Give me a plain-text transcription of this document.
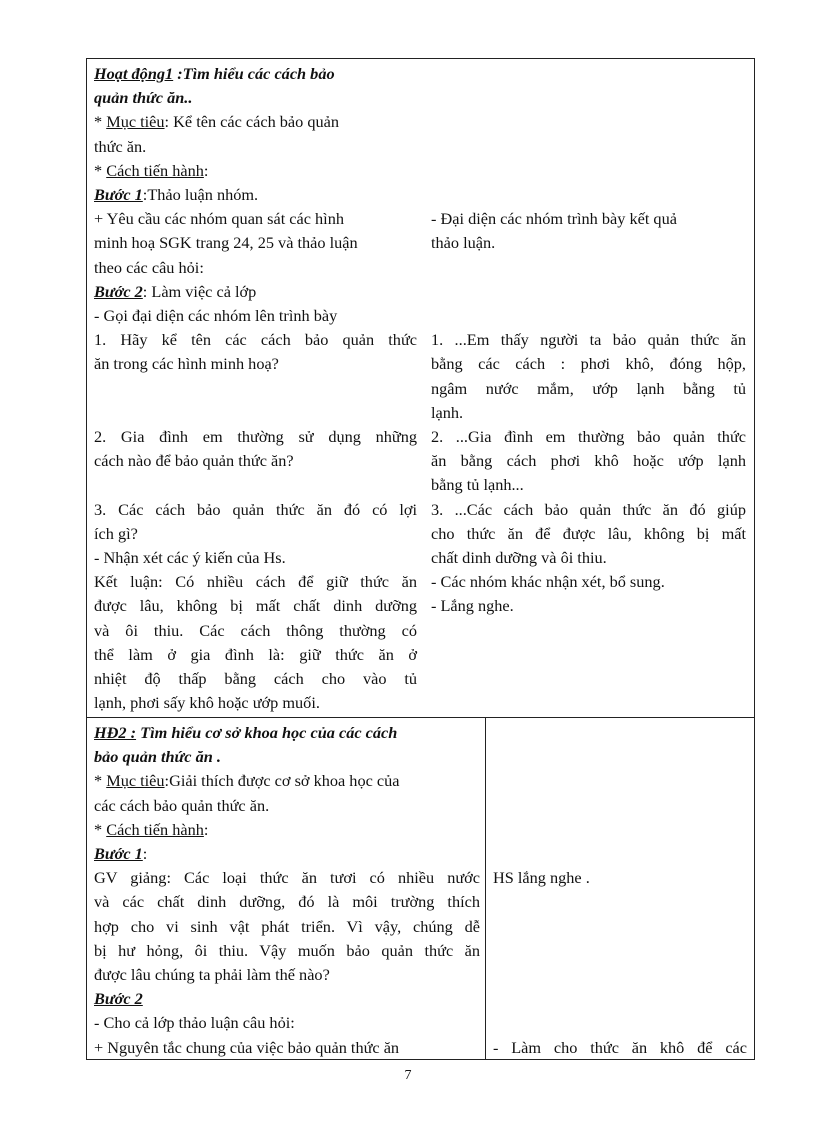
Hoạt động1 :Tìm hiểu các cách bảo

quản thức ăn..

* Mục tiêu: Kể tên các cách bảo quản

thức ăn.

* Cách tiến hành:

Bước 1:Thảo luận nhóm.

+ Yêu cầu các nhóm quan sát các hình

minh hoạ SGK trang 24, 25 và thảo luận

theo các câu hỏi:

Bước 2: Làm việc cả lớp

- Gọi đại diện các nhóm lên trình bày

1. Hãy kể tên các cách bảo quản thức

ăn trong các hình minh hoạ?

2. Gia đình em thường sử dụng những

cách nào để bảo quản thức ăn?

3. Các cách bảo quản thức ăn đó có lợi

ích gì?

- Nhận xét các ý kiến của Hs.

Kết luận: Có nhiều cách để giữ thức ăn

được lâu, không bị mất chất dinh dưỡng

và ôi thiu. Các cách thông thường có

thể làm ở gia đình là: giữ thức ăn ở

nhiệt độ thấp bằng cách cho vào tủ

lạnh, phơi sấy khô hoặc ướp muối.

- Đại diện các nhóm trình bày kết quả

thảo luận.

1. ...Em thấy người ta bảo quản thức ăn

bằng các cách : phơi khô, đóng hộp,

ngâm nước mắm, ướp lạnh bằng tủ

lạnh.

2. ...Gia đình em thường bảo quản thức

ăn bằng cách phơi khô hoặc ướp lạnh

bằng tủ lạnh...

3. ...Các cách bảo quản thức ăn đó giúp

cho thức ăn để được lâu, không bị mất

chất dinh dưỡng và ôi thiu.

- Các nhóm khác nhận xét, bổ sung.

- Lắng nghe.

HĐ2 : Tìm hiểu cơ sở khoa học của các cách

bảo quản thức ăn .

* Mục tiêu:Giải thích được cơ sở khoa học của

các cách bảo quản thức ăn.

* Cách tiến hành:

Bước 1:

GV giảng: Các loại thức ăn tươi có nhiều nước

và các chất dinh dưỡng, đó là môi trường thích

hợp cho vi sinh vật phát triển. Vì vậy, chúng dễ

bị hư hỏng, ôi thiu. Vậy muốn bảo quản thức ăn

được lâu chúng ta phải làm thế nào?

Bước 2

- Cho cả lớp thảo luận câu hỏi:

+ Nguyên tắc chung của việc bảo quản thức ăn

HS lắng nghe .

- Làm cho thức ăn khô để các

7
